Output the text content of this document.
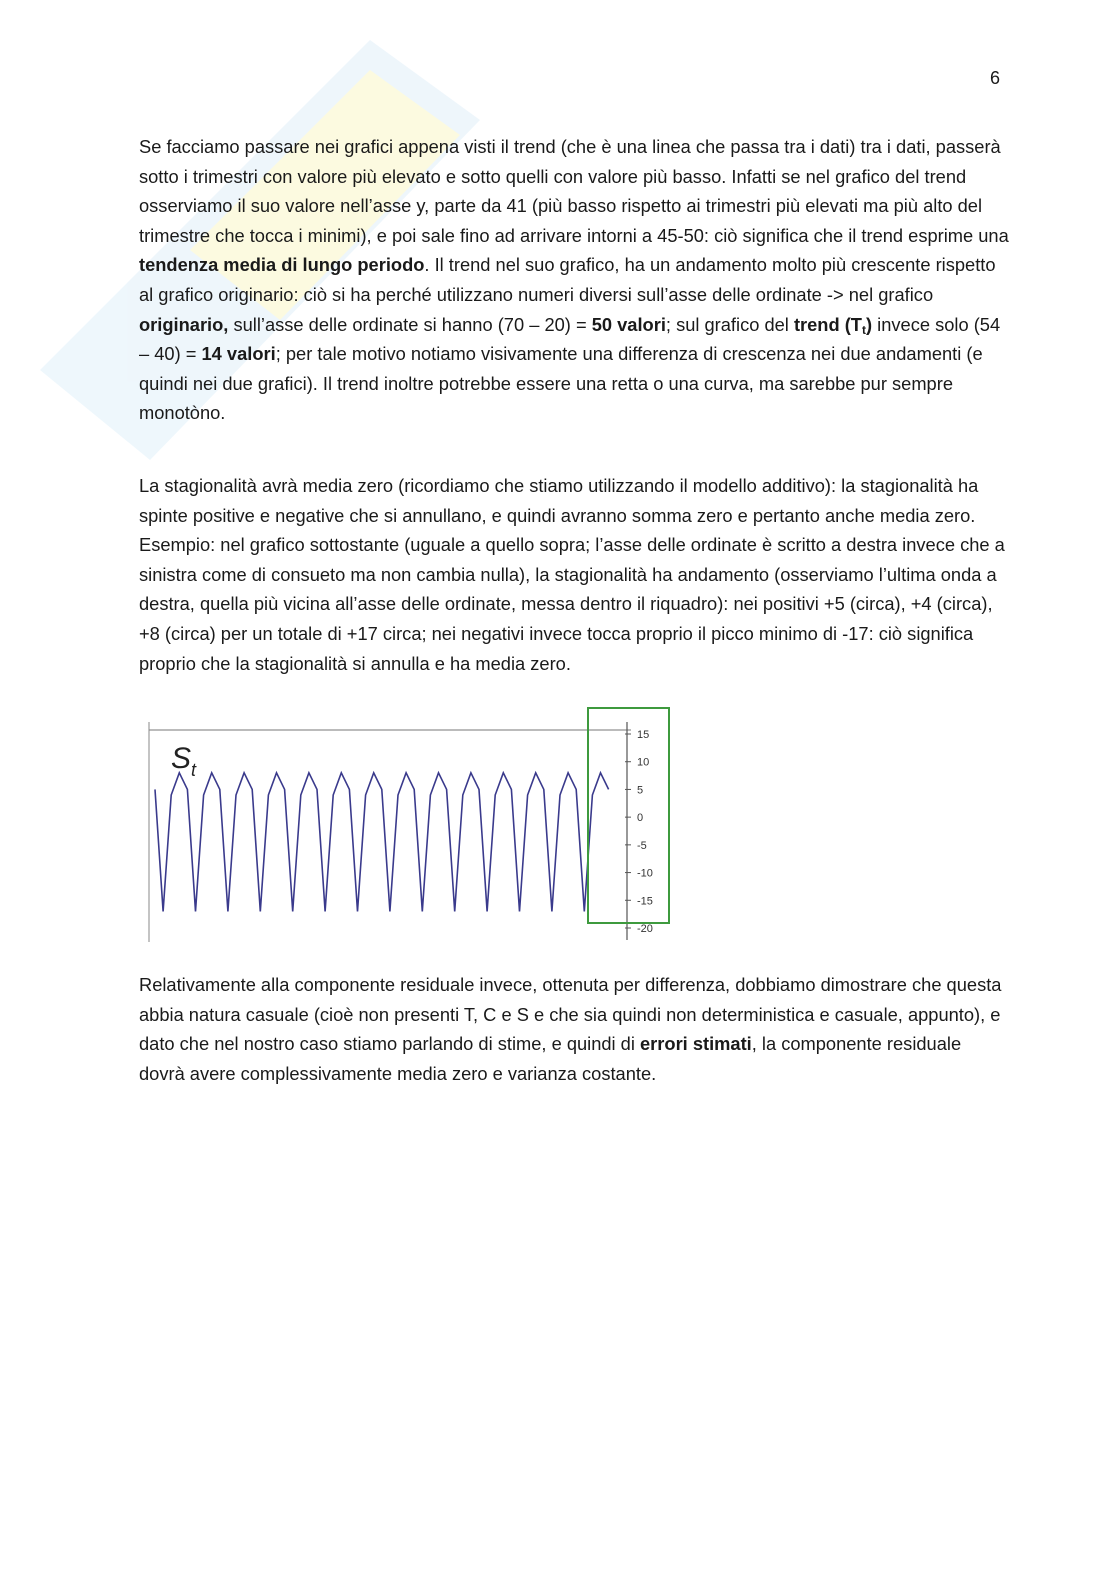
6

Se facciamo passare nei grafici appena visti il trend (che è una linea che passa tra i dati) tra i dati, passerà sotto i trimestri con valore più elevato e sotto quelli con valore più basso. Infatti se nel grafico del trend osserviamo il suo valore nell’asse y, parte da 41 (più basso rispetto ai trimestri più elevati ma più alto del trimestre che tocca i minimi), e poi sale fino ad arrivare intorni a 45-50: ciò significa che il trend esprime una tendenza media di lungo periodo. Il trend nel suo grafico, ha un andamento molto più crescente rispetto al grafico originario: ciò si ha perché utilizzano numeri diversi sull’asse delle ordinate -> nel grafico originario, sull’asse delle ordinate si hanno (70 – 20) = 50 valori; sul grafico del trend $(T_t)$ invece solo (54 – 40) = 14 valori; per tale motivo notiamo visivamente una differenza di crescenza nei due andamenti (e quindi nei due grafici). Il trend inoltre potrebbe essere una retta o una curva, ma sarebbe pur sempre monotòno.

La stagionalità avrà media zero (ricordiamo che stiamo utilizzando il modello additivo): la stagionalità ha spinte positive e negative che si annullano, e quindi avranno somma zero e pertanto anche media zero. Esempio: nel grafico sottostante (uguale a quello sopra; l’asse delle ordinate è scritto a destra invece che a sinistra come di consueto ma non cambia nulla), la stagionalità ha andamento (osserviamo l’ultima onda a destra, quella più vicina all’asse delle ordinate, messa dentro il riquadro): nei positivi +5 (circa), +4 (circa), +8 (circa) per un totale di +17 circa; nei negativi invece tocca proprio il picco minimo di -17: ciò significa proprio che la stagionalità si annulla e ha media zero.

$S_t$
15
10
5
0
-5
-10
-15
-20

Relativamente alla componente residuale invece, ottenuta per differenza, dobbiamo dimostrare che questa abbia natura casuale (cioè non presenti T, C e S e che sia quindi non deterministica e casuale, appunto), e dato che nel nostro caso stiamo parlando di stime, e quindi di errori stimati, la componente residuale dovrà avere complessivamente media zero e varianza costante.
